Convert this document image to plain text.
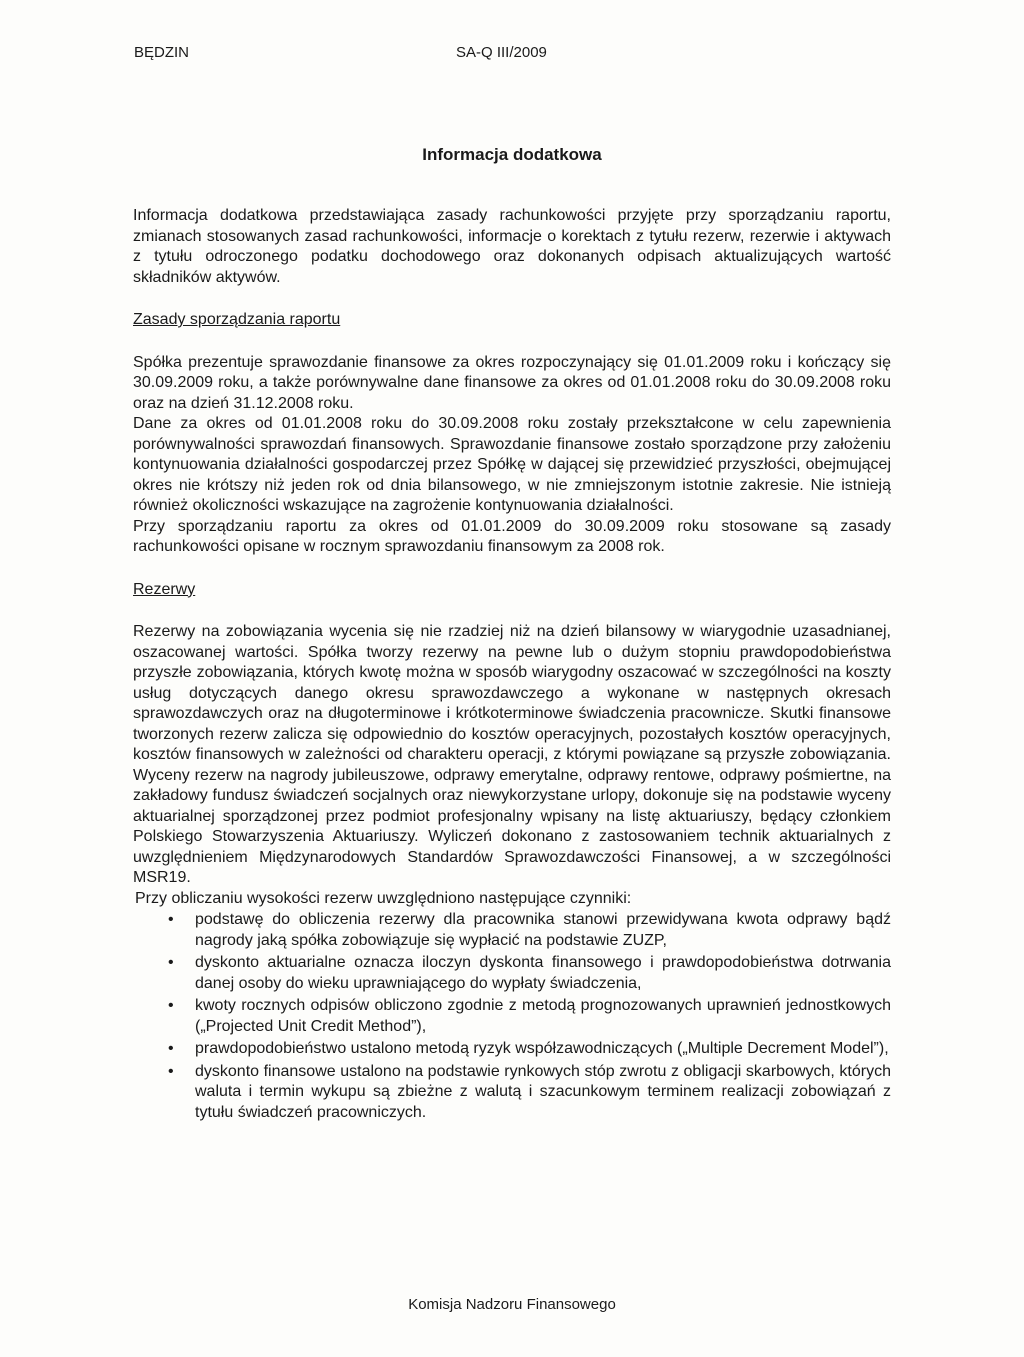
BĘDZIN	SA-Q III/2009
Informacja dodatkowa

Informacja dodatkowa przedstawiająca zasady rachunkowości przyjęte przy sporządzaniu raportu, zmianach stosowanych zasad rachunkowości, informacje o korektach z tytułu rezerw, rezerwie i aktywach z tytułu odroczonego podatku dochodowego oraz dokonanych odpisach aktualizujących wartość składników aktywów.

Zasady sporządzania raportu

Spółka prezentuje sprawozdanie finansowe za okres rozpoczynający się 01.01.2009 roku i kończący się 30.09.2009 roku, a także porównywalne dane finansowe za okres od 01.01.2008 roku do 30.09.2008 roku oraz na dzień 31.12.2008 roku.

Dane za okres od 01.01.2008 roku do 30.09.2008 roku zostały przekształcone w celu zapewnienia porównywalności sprawozdań finansowych. Sprawozdanie finansowe zostało sporządzone przy założeniu kontynuowania działalności gospodarczej przez Spółkę w dającej się przewidzieć przyszłości, obejmującej okres nie krótszy niż jeden rok od dnia bilansowego, w nie zmniejszonym istotnie zakresie. Nie istnieją również okoliczności wskazujące na zagrożenie kontynuowania działalności.

Przy sporządzaniu raportu za okres od 01.01.2009 do 30.09.2009 roku stosowane są zasady rachunkowości opisane w rocznym sprawozdaniu finansowym za 2008 rok.

Rezerwy

Rezerwy na zobowiązania wycenia się nie rzadziej niż na dzień bilansowy w wiarygodnie uzasadnianej, oszacowanej wartości. Spółka tworzy rezerwy na pewne lub o dużym stopniu prawdopodobieństwa przyszłe zobowiązania, których kwotę można w sposób wiarygodny oszacować w szczególności na koszty usług dotyczących danego okresu sprawozdawczego a wykonane w następnych okresach sprawozdawczych oraz na długoterminowe i krótkoterminowe świadczenia pracownicze. Skutki finansowe tworzonych rezerw zalicza się odpowiednio do kosztów operacyjnych, pozostałych kosztów operacyjnych, kosztów finansowych w zależności od charakteru operacji, z którymi powiązane są przyszłe zobowiązania. Wyceny rezerw na nagrody jubileuszowe, odprawy emerytalne, odprawy rentowe, odprawy pośmiertne, na zakładowy fundusz świadczeń socjalnych oraz niewykorzystane urlopy, dokonuje się na podstawie wyceny aktuarialnej sporządzonej przez podmiot profesjonalny wpisany na listę aktuariuszy, będący członkiem Polskiego Stowarzyszenia Aktuariuszy. Wyliczeń dokonano z zastosowaniem technik aktuarialnych z uwzględnieniem Międzynarodowych Standardów Sprawozdawczości Finansowej, a w szczególności MSR19.

Przy obliczaniu wysokości rezerw uwzględniono następujące czynniki:

• podstawę do obliczenia rezerwy dla pracownika stanowi przewidywana kwota odprawy bądź nagrody jaką spółka zobowiązuje się wypłacić na podstawie ZUZP,
• dyskonto aktuarialne oznacza iloczyn dyskonta finansowego i prawdopodobieństwa dotrwania danej osoby do wieku uprawniającego do wypłaty świadczenia,
• kwoty rocznych odpisów obliczono zgodnie z metodą prognozowanych uprawnień jednostkowych („Projected Unit Credit Method”),
• prawdopodobieństwo ustalono metodą ryzyk współzawodniczących („Multiple Decrement Model”),
• dyskonto finansowe ustalono na podstawie rynkowych stóp zwrotu z obligacji skarbowych, których waluta i termin wykupu są zbieżne z walutą i szacunkowym terminem realizacji zobowiązań z tytułu świadczeń pracowniczych.
Komisja Nadzoru Finansowego
